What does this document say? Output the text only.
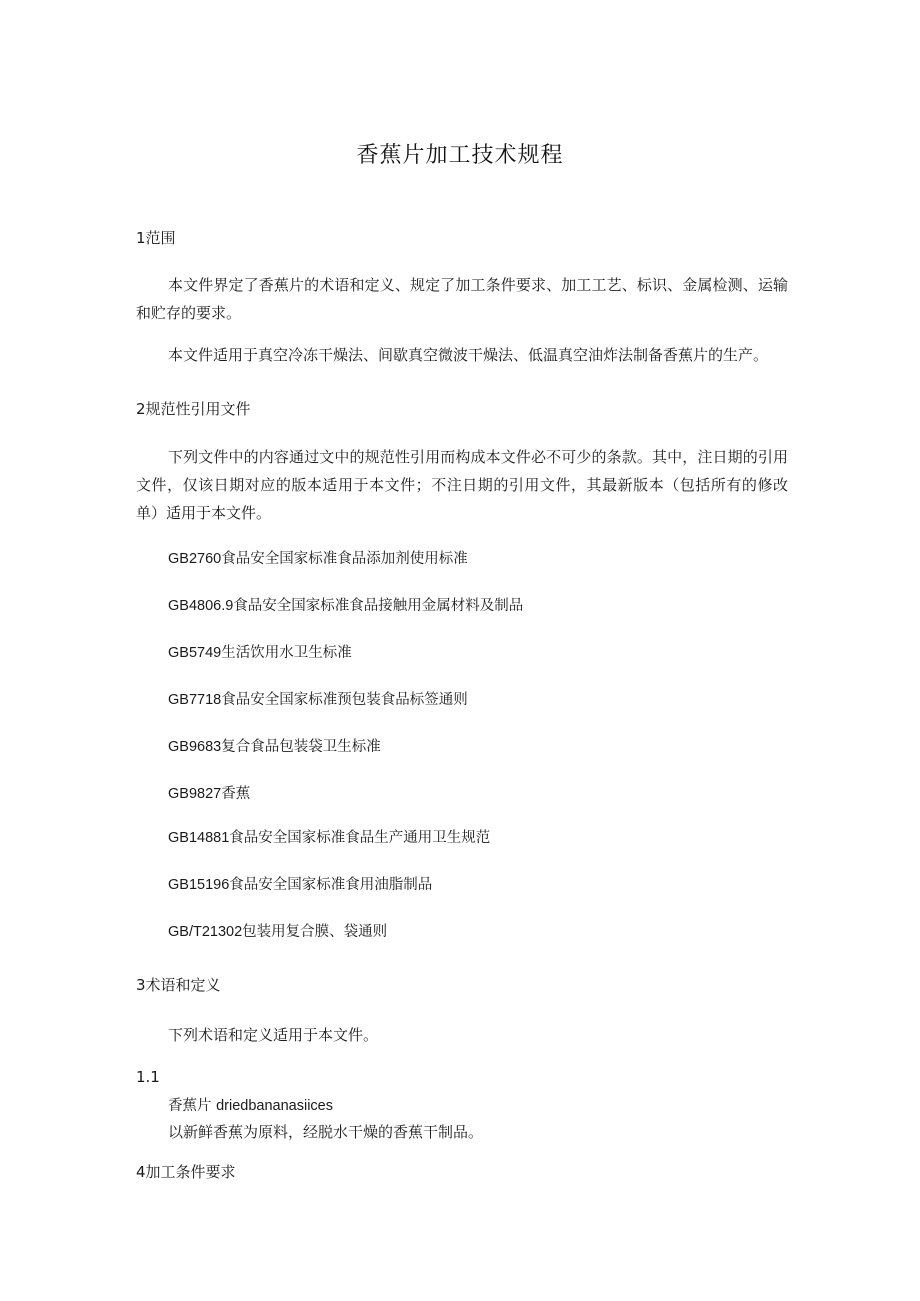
香蕉片加工技术规程
1范围
本文件界定了香蕉片的术语和定义、规定了加工条件要求、加工工艺、标识、金属检测、运输和贮存的要求。
本文件适用于真空冷冻干燥法、间歇真空微波干燥法、低温真空油炸法制备香蕉片的生产。
2规范性引用文件
下列文件中的内容通过文中的规范性引用而构成本文件必不可少的条款。其中，注日期的引用文件，仅该日期对应的版本适用于本文件；不注日期的引用文件，其最新版本（包括所有的修改单）适用于本文件。
GB2760食品安全国家标准食品添加剂使用标准
GB4806.9食品安全国家标准食品接触用金属材料及制品
GB5749生活饮用水卫生标准
GB7718食品安全国家标准预包装食品标签通则
GB9683复合食品包装袋卫生标准
GB9827香蕉
GB14881食品安全国家标准食品生产通用卫生规范
GB15196食品安全国家标准食用油脂制品
GB/T21302包装用复合膜、袋通则
3术语和定义
下列术语和定义适用于本文件。
1.1
香蕉片 driedbananasiices
以新鲜香蕉为原料，经脱水干燥的香蕉干制品。
4加工条件要求
